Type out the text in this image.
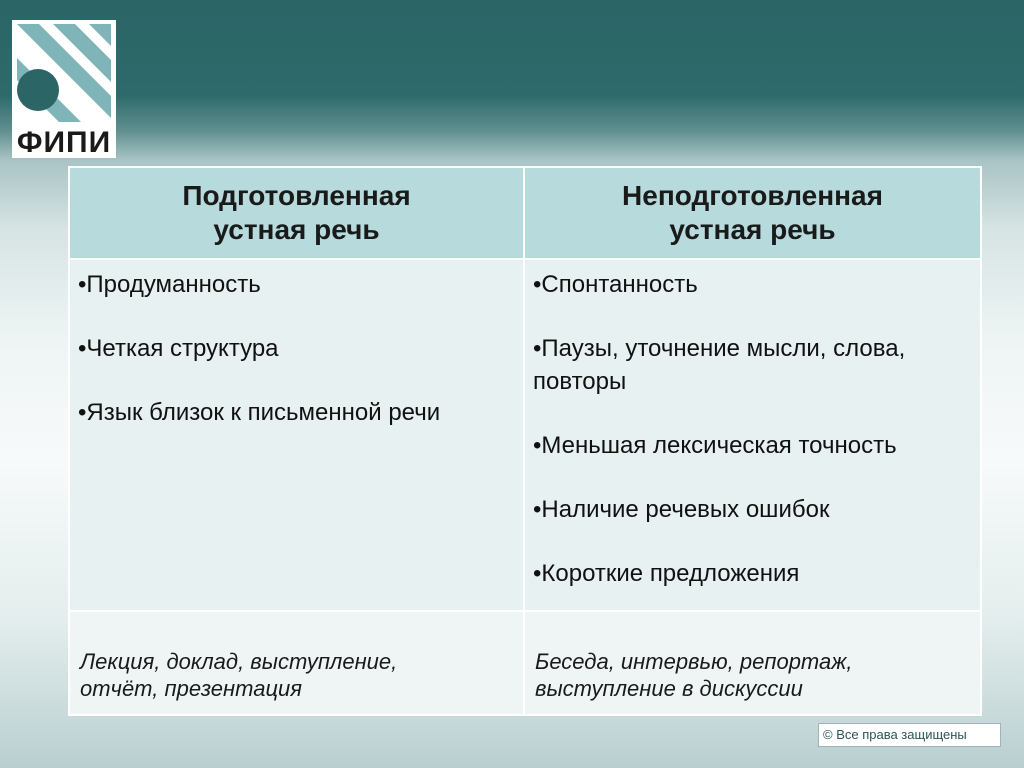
ФИПИ
Подготовленная
устная речь
Неподготовленная
устная речь
•Продуманность
•Четкая структура
•Язык близок к письменной речи
•Спонтанность
•Паузы, уточнение мысли, слова, повторы
•Меньшая лексическая точность
•Наличие речевых ошибок
•Короткие предложения
Лекция, доклад, выступление,
отчёт, презентация
Беседа, интервью, репортаж,
выступление в дискуссии
© Все права защищены
